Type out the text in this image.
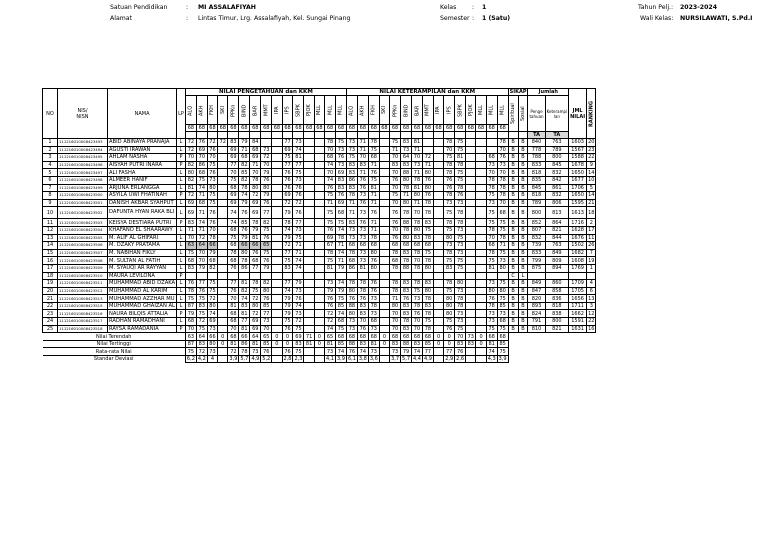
Satuan Pendidikan
Alamat
:
:
MI ASSALAFIYAH
Lintas Timur, Lrg. Assalafiyah, Kel. Sungai Pinang
Kelas
Semester
:
:
1
1 (Satu)
Tahun Pelj.:
Wali Kelas:
2023-2024
NURSILAWATI, S.Pd.I
NO	NIS/
NISN	NAMA	LP	NILAI PENGETAHUAN dan KKM															NILAI KETERAMPILAN dan KKM															SIKAP		Jumlah		JML NILAI	RANKING
				ALQ	AKH	FKH	SKI	PPKn	BIND	BAR	MMT	IPA	IPS	SBPK	PJOK	MLL	MLL	MLL	ALQ	AKH	FKH	SKI	PPKn	BIND	BAR	MMT	IPA	IPS	SBPK	PJOK	MLL	MLL	MLL	Spiritual	Sosial	Penge tahuan	Keterampi lan		
				68	68	68	68	68	68	68	68	68	68	68	68	68	68	68	68	68	68	68	68	68	68	68	68	68	68	68	68	68	68						
																																				TA	TA		
1	111216010008423493	ABID ABINAYA PRANAJA	L	72	76	72	72	83	79	84			77	73			78	75	73	71	78		75	83	81			78	75				78	B	B	840	763	1603	20
2	111216010008423494	AGUSTI IRAWAN	L	72	69	76		69	71	68	73		69	74			70	73	73	71	75		71	73	71			70	75				70	B	B	778	789	1567	23
3	111216010008423495	AHLAM NASHA	P	70	70	70		69	68	69	72		75	81			68	76	75	70	68		70	64	70	72		75	81			68	76	B	B	788	800	1588	22
4	111216010008423496	AISYAH PUTRI INARA	P	82	86	75		77	82	71	70		77	77			74	73	83	83	71		83	83	73	71		78	78			73	73	B	B	833	845	1678	9
5	111216010008423497	ALI FASHA	L	80	68	76		70	85	70	79		76	75			70	69	83	71	76		70	88	71	80		78	75			70	70	B	B	818	832	1650	14
6	111216010008423498	ALMEER HANIF	L	82	75	73		75	82	78	76		76	73			74	83	86	76	75		76	80	78	76		76	75			78	78	B	B	835	842	1677	10
7	111216010008423499	ARJUNA ERLANGGA	L	81	74	80		68	78	80	80		76	76			76	83	83	76	81		70	78	81	80		76	78			78	78	B	B	845	861	1706	5
8	111216010008423500	ASYILA UWI FHATINAH	P	72	71	75		69	74	72	79		69	76			75	76	78	73	71		75	71	80	76		78	76			75	78	B	B	818	832	1650	14
9	111216010008423501	DANISH AKBAR SYAHPUT	L	69	68	75		69	79	69	76		72	72			71	69	71	76	71		70	80	71	78		73	73			73	70	B	B	789	806	1595	21
10	111216010008423502	DAFUNTA HYAN RAKA BLI	L	69	71	76		74	76	69	77		79	76			75	68	71	73	76		76	78	70	78		75	78			75	68	B	B	800	813	1613	18
11	111216010008423503	KEISYA DESTIARA PUTRI	P	83	74	76		74	85	78	82		78	77			75	75	83	76	71		76	88	78	83		78	78			75	75	B	B	852	864	1716	2
12	111216010008423504	KHAFANO EL SHAARAWY	L	71	71	70		68	76	79	75		74	73			76	74	73	73	71		70	78	80	75		75	73			78	75	B	B	807	821	1628	17
13	111216010008423505	M. ALIF AL GHIFARI	L	70	72	78		75	79	81	76		79	75			69	78	73	73	78		76	80	83	78		80	75			70	78	B	B	832	844	1676	11
14	111216010008423506	M. DZAKY PRATAMA	L	63	64	66		68	66	66	65		72	71			67	71	68	68	68		68	68	68	68		73	73			68	71	B	B	739	763	1502	26
15	111216010008423507	M. NABIHAN FIKLY	L	75	70	79		78	80	76	75		77	71			78	74	78	73	80		78	83	78	75		78	73			78	75	B	B	833	849	1682	7
16	111216010008423508	M. SULTAN AL FATIH	L	68	70	68		68	78	68	76		75	74			75	71	68	73	76		68	78	70	78		75	75			75	73	B	B	799	809	1608	19
17	111216010008423509	M. SYAUQI AR RAYYAN	L	83	79	82		76	86	77	79		83	74			81	79	86	81	80		78	88	78	80		83	75			81	80	B	B	875	894	1769	1
18	111216010008423510	MAURA LEVILONA	P																															C	L				
19	111216010008423511	MUHAMMAD ABID DZAKA	L	76	77	75		77	81	78	82		77	79			73	74	78	78	76		78	83	78	83		78	80			73	75	B	B	849	860	1709	4
20	111216010008423512	MUHAMMAD AL KARIM	L	78	76	75		76	82	75	80		74	73			79	79	80	78	76		78	83	75	80		75	73			80	80	B	B	847	858	1705	6
21	111216010008423513	MUHAMMAD AZZHAR MU	L	75	75	72		70	74	72	76		79	76			76	75	76	76	73		71	76	73	78		80	78			76	75	B	B	820	836	1656	13
22	111216010008423515	MUHAMMAD GHAIZAN AL	L	87	83	80		81	83	80	85		79	74			76	85	88	83	78		80	83	78	83		80	78			78	85	B	B	893	818	1711	3
23	111216010008423516	NAURA BILQIS ATTALIA	P	79	75	74		68	81	72	77		79	73			72	74	80	83	73		70	83	76	78		80	73			73	73	B	B	824	838	1662	12
24	111216010008423517	RADHAN RAMADHANI	L	68	72	69		68	77	69	73		75	72			72	68	73	70	68		70	78	70	75		75	73			73	68	B	B	791	800	1591	22
25	111216010008423518	RAYSA RAMADANIA	P	70	75	73		70	81	69	70		76	75			74	75	73	76	73		70	83	70	78		76	75			75	75	B	B	810	821	1631	16
Nilai Terendah				63	64	66	0	68	66	64	65	0	0	69	71	0	65	68	68	68	68	0	68	68	68	68	0	0	70	73	0	68	68						
Nilai Tertinggi				87	83	80	0	81	86	81	85	0	0	83	81	0	81	85	88	83	81	0	83	88	83	85	0	0	83	83	0	81	85						
Rata-rata Nilai				75	72	73		72	78	73	76		76	75			73	74	76	74	73		73	79	74	77		77	76			74	75						
Standar Deviasi				6,2	4,2	4		3,9	5,7	4,9	5,2		2,8	2,3			4,1	3,9	6,1	3,8	3,6		3,7	5,7	4,4	4,9		2,9	2,6			4,3	3,9						
